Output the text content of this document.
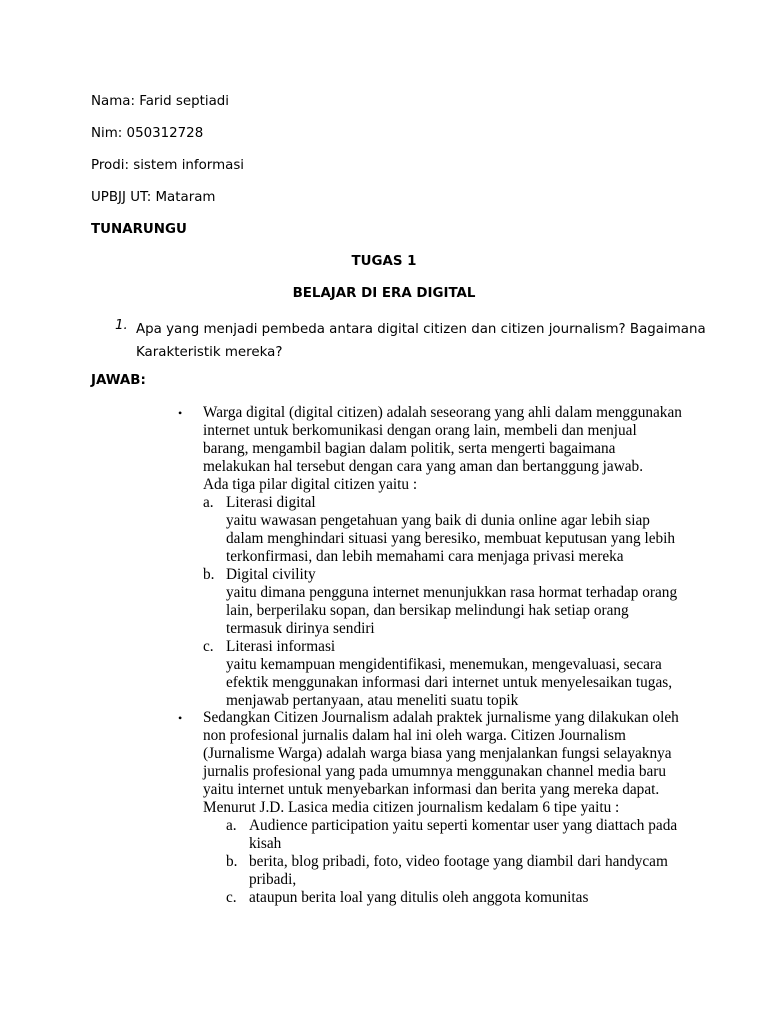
Nama: Farid septiadi
Nim: 050312728
Prodi: sistem informasi
UPBJJ UT: Mataram
TUNARUNGU
TUGAS 1
BELAJAR DI ERA DIGITAL
1. Apa yang menjadi pembeda antara digital citizen dan citizen journalism? Bagaimana
Karakteristik mereka?
JAWAB:
• Warga digital (digital citizen) adalah seseorang yang ahli dalam menggunakan
internet untuk berkomunikasi dengan orang lain, membeli dan menjual
barang, mengambil bagian dalam politik, serta mengerti bagaimana
melakukan hal tersebut dengan cara yang aman dan bertanggung jawab.
Ada tiga pilar digital citizen yaitu :
a. Literasi digital
yaitu wawasan pengetahuan yang baik di dunia online agar lebih siap
dalam menghindari situasi yang beresiko, membuat keputusan yang lebih
terkonfirmasi, dan lebih memahami cara menjaga privasi mereka
b. Digital civility
yaitu dimana pengguna internet menunjukkan rasa hormat terhadap orang
lain, berperilaku sopan, dan bersikap melindungi hak setiap orang
termasuk dirinya sendiri
c. Literasi informasi
yaitu kemampuan mengidentifikasi, menemukan, mengevaluasi, secara
efektik menggunakan informasi dari internet untuk menyelesaikan tugas,
menjawab pertanyaan, atau meneliti suatu topik
• Sedangkan Citizen Journalism adalah praktek jurnalisme yang dilakukan oleh
non profesional jurnalis dalam hal ini oleh warga. Citizen Journalism
(Jurnalisme Warga) adalah warga biasa yang menjalankan fungsi selayaknya
jurnalis profesional yang pada umumnya menggunakan channel media baru
yaitu internet untuk menyebarkan informasi dan berita yang mereka dapat.
Menurut J.D. Lasica media citizen journalism kedalam 6 tipe yaitu :
a. Audience participation yaitu seperti komentar user yang diattach pada
kisah
b. berita, blog pribadi, foto, video footage yang diambil dari handycam
pribadi,
c. ataupun berita loal yang ditulis oleh anggota komunitas
